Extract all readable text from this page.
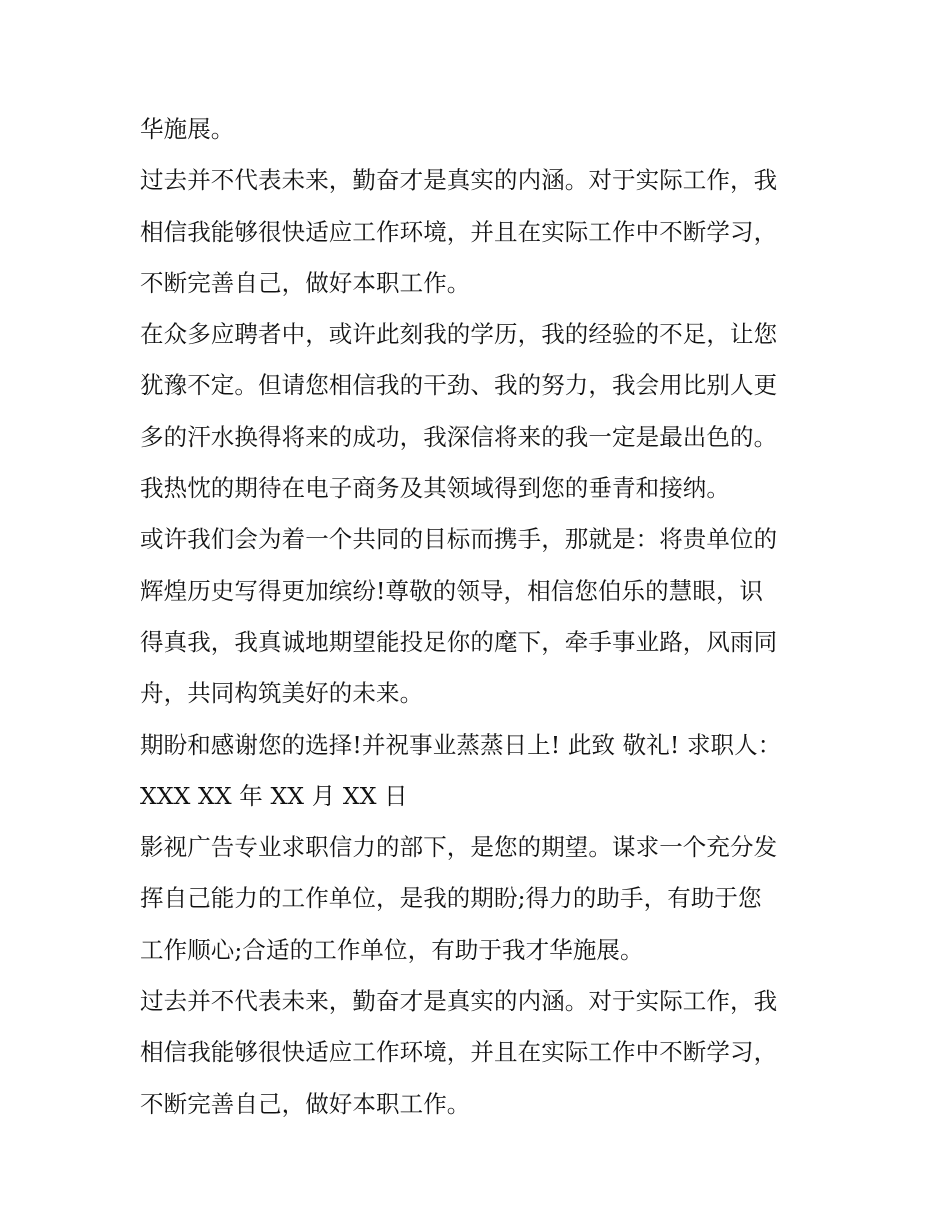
华施展。
过去并不代表未来，勤奋才是真实的内涵。对于实际工作，我
相信我能够很快适应工作环境，并且在实际工作中不断学习，
不断完善自己，做好本职工作。
在众多应聘者中，或许此刻我的学历，我的经验的不足，让您
犹豫不定。但请您相信我的干劲、我的努力，我会用比别人更
多的汗水换得将来的成功，我深信将来的我一定是最出色的。
我热忱的期待在电子商务及其领域得到您的垂青和接纳。
或许我们会为着一个共同的目标而携手，那就是：将贵单位的
辉煌历史写得更加缤纷!尊敬的领导，相信您伯乐的慧眼，识
得真我，我真诚地期望能投足你的麾下，牵手事业路，风雨同
舟，共同构筑美好的未来。
期盼和感谢您的选择!并祝事业蒸蒸日上! 此致 敬礼! 求职人：
XXX XX 年 XX 月 XX 日
影视广告专业求职信力的部下，是您的期望。谋求一个充分发
挥自己能力的工作单位，是我的期盼;得力的助手，有助于您
工作顺心;合适的工作单位，有助于我才华施展。
过去并不代表未来，勤奋才是真实的内涵。对于实际工作，我
相信我能够很快适应工作环境，并且在实际工作中不断学习，
不断完善自己，做好本职工作。
